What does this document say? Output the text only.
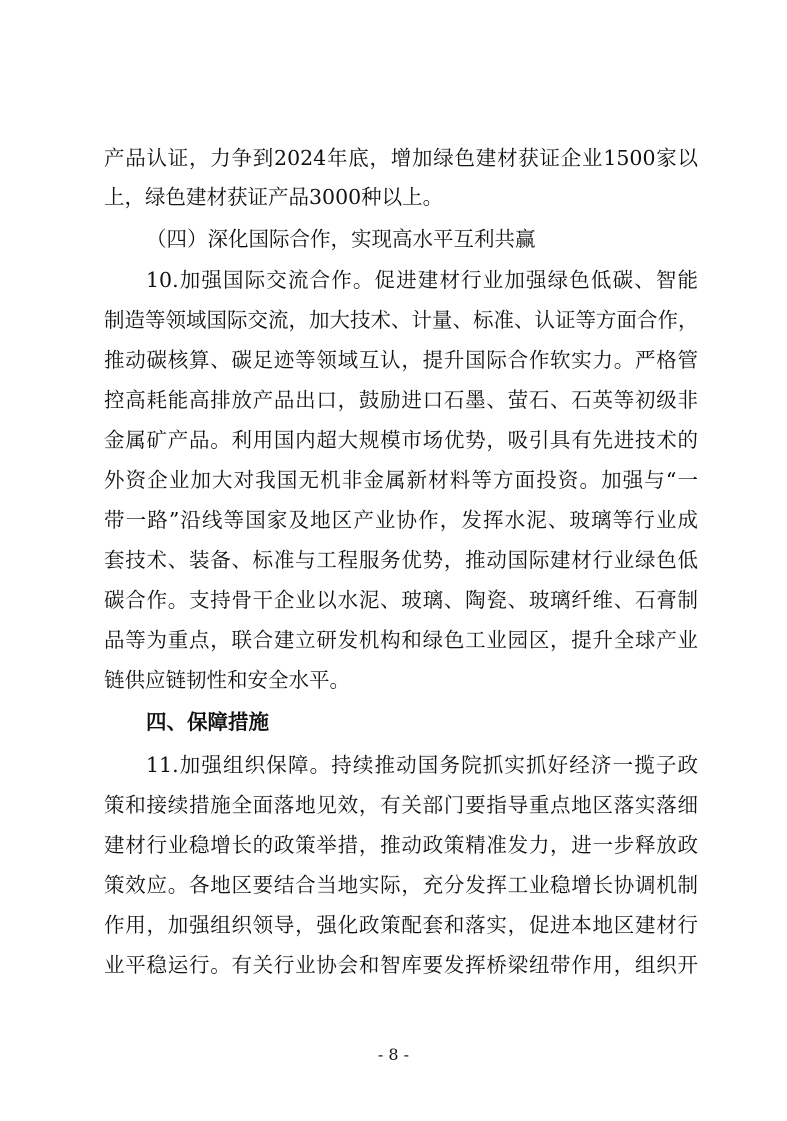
产品认证，力争到2024年底，增加绿色建材获证企业1500家以
上，绿色建材获证产品3000种以上。
（四）深化国际合作，实现高水平互利共赢
10.加强国际交流合作。促进建材行业加强绿色低碳、智能
制造等领域国际交流，加大技术、计量、标准、认证等方面合作，
推动碳核算、碳足迹等领域互认，提升国际合作软实力。严格管
控高耗能高排放产品出口，鼓励进口石墨、萤石、石英等初级非
金属矿产品。利用国内超大规模市场优势，吸引具有先进技术的
外资企业加大对我国无机非金属新材料等方面投资。加强与“一
带一路”沿线等国家及地区产业协作，发挥水泥、玻璃等行业成
套技术、装备、标准与工程服务优势，推动国际建材行业绿色低
碳合作。支持骨干企业以水泥、玻璃、陶瓷、玻璃纤维、石膏制
品等为重点，联合建立研发机构和绿色工业园区，提升全球产业
链供应链韧性和安全水平。
四、保障措施
11.加强组织保障。持续推动国务院抓实抓好经济一揽子政
策和接续措施全面落地见效，有关部门要指导重点地区落实落细
建材行业稳增长的政策举措，推动政策精准发力，进一步释放政
策效应。各地区要结合当地实际，充分发挥工业稳增长协调机制
作用，加强组织领导，强化政策配套和落实，促进本地区建材行
业平稳运行。有关行业协会和智库要发挥桥梁纽带作用，组织开
- 8 -
